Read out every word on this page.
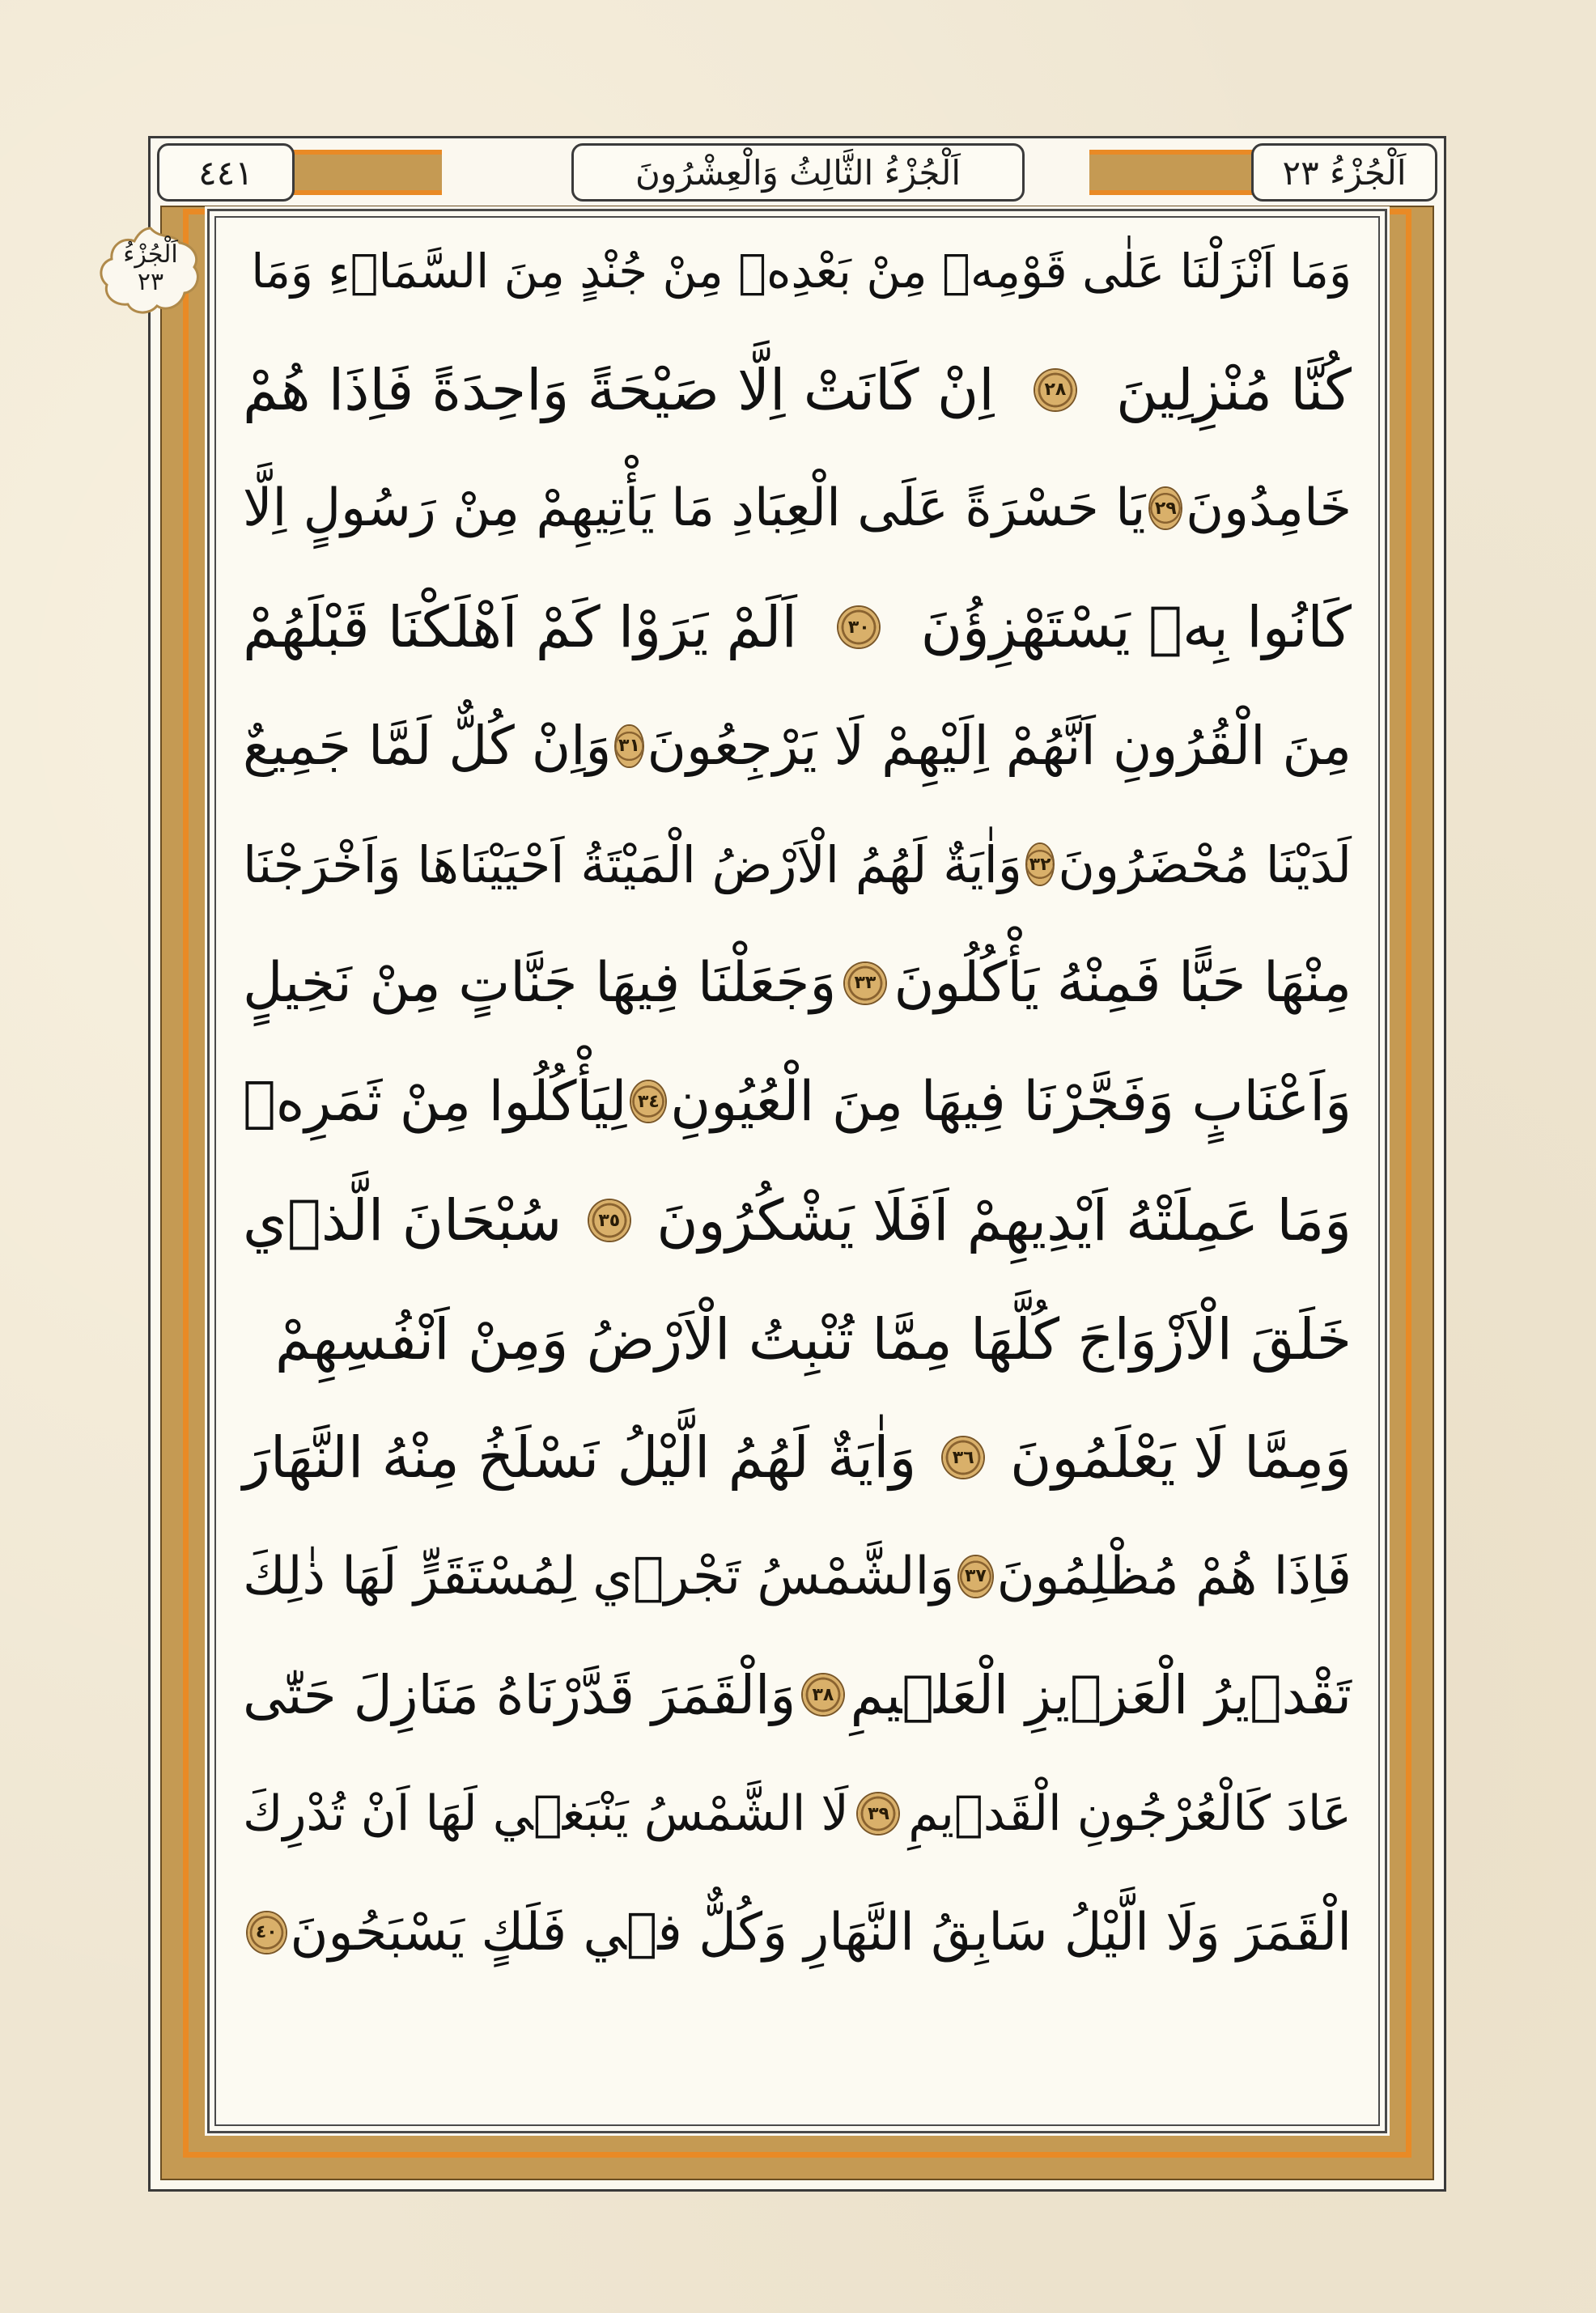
٤٤١	اَلْجُزْءُ الثَّالِثُ وَالْعِشْرُونَ	اَلْجُزْءُ ٢٣
اَلْجُزْءُ
٢٣	وَمَا اَنْزَلْنَا عَلٰى قَوْمِهٖ مِنْ بَعْدِهٖ مِنْ جُنْدٍ مِنَ السَّمَاۤءِ وَمَا
كُنَّا مُنْزِلِينَ
٢٨
اِنْ كَانَتْ اِلَّا صَيْحَةً وَاحِدَةً فَاِذَا هُمْ
خَامِدُونَ
٢٩
يَا حَسْرَةً عَلَى الْعِبَادِ مَا يَأْتِيهِمْ مِنْ رَسُولٍ اِلَّا
كَانُوا بِهٖ يَسْتَهْزِؤُنَ
٣٠
اَلَمْ يَرَوْا كَمْ اَهْلَكْنَا قَبْلَهُمْ
مِنَ الْقُرُونِ اَنَّهُمْ اِلَيْهِمْ لَا يَرْجِعُونَ
٣١
وَاِنْ كُلٌّ لَمَّا جَمِيعٌ
لَدَيْنَا مُحْضَرُونَ
٣٢
وَاٰيَةٌ لَهُمُ الْاَرْضُ الْمَيْتَةُ اَحْيَيْنَاهَا وَاَخْرَجْنَا
مِنْهَا حَبًّا فَمِنْهُ يَأْكُلُونَ
٣٣
وَجَعَلْنَا فِيهَا جَنَّاتٍ مِنْ نَخِيلٍ
وَاَعْنَابٍ وَفَجَّرْنَا فِيهَا مِنَ الْعُيُونِ
٣٤
لِيَأْكُلُوا مِنْ ثَمَرِهٖ
وَمَا عَمِلَتْهُ اَيْدِيهِمْ اَفَلَا يَشْكُرُونَ
٣٥
سُبْحَانَ الَّذ۪ي
خَلَقَ الْاَزْوَاجَ كُلَّهَا مِمَّا تُنْبِتُ الْاَرْضُ وَمِنْ اَنْفُسِهِمْ
وَمِمَّا لَا يَعْلَمُونَ
٣٦
وَاٰيَةٌ لَهُمُ الَّيْلُ نَسْلَخُ مِنْهُ النَّهَارَ
فَاِذَا هُمْ مُظْلِمُونَ
٣٧
وَالشَّمْسُ تَجْر۪ي لِمُسْتَقَرٍّ لَهَا ذٰلِكَ
تَقْد۪يرُ الْعَز۪يزِ الْعَل۪يمِ
٣٨
وَالْقَمَرَ قَدَّرْنَاهُ مَنَازِلَ حَتّٰى
عَادَ كَالْعُرْجُونِ الْقَد۪يمِ
٣٩
لَا الشَّمْسُ يَنْبَغ۪ي لَهَا اَنْ تُدْرِكَ
الْقَمَرَ وَلَا الَّيْلُ سَابِقُ النَّهَارِ وَكُلٌّ ف۪ي فَلَكٍ يَسْبَحُونَ
٤٠
